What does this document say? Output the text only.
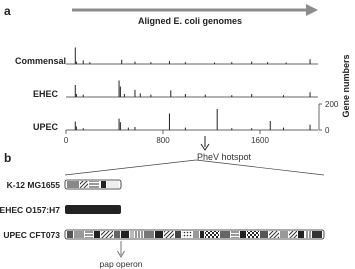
a
Aligned E. coli genomes
Commensal
EHEC
UPEC
0	800	1600
200
0
Gene numbers
PheV hotspot
b
K-12 MG1655
EHEC O157:H7
UPEC CFT073
pap operon
